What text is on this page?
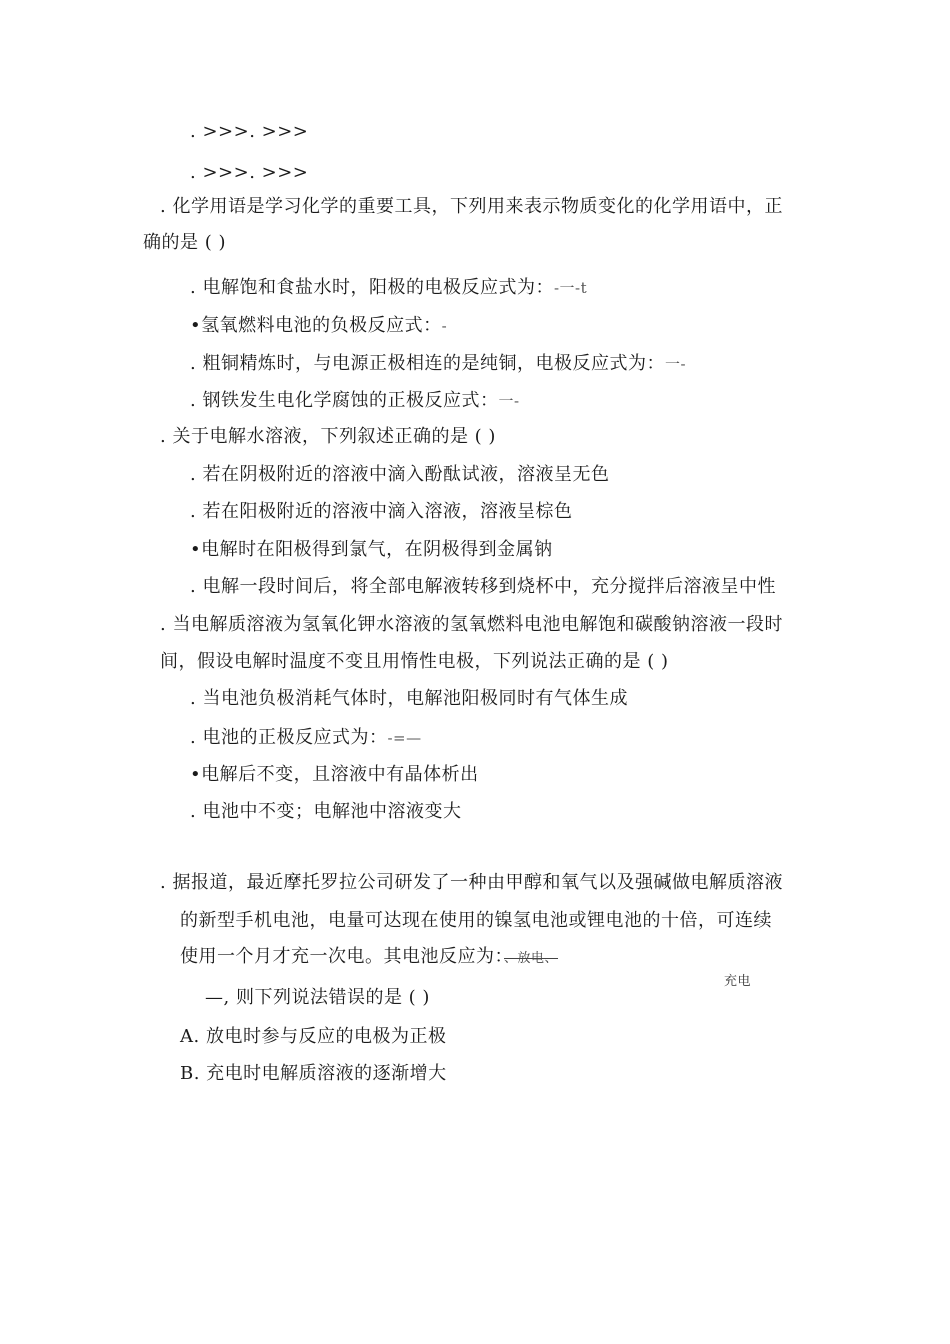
. >>>. >>>
. >>>. >>>
. 化学用语是学习化学的重要工具，下列用来表示物质变化的化学用语中，正
确的是 ( )
. 电解饱和食盐水时，阳极的电极反应式为：-一-t
•氢氧燃料电池的负极反应式：-
. 粗铜精炼时，与电源正极相连的是纯铜，电极反应式为：一-
. 钢铁发生电化学腐蚀的正极反应式：一-
. 关于电解水溶液，下列叙述正确的是 ( )
. 若在阴极附近的溶液中滴入酚酞试液，溶液呈无色
. 若在阳极附近的溶液中滴入溶液，溶液呈棕色
•电解时在阳极得到氯气，在阴极得到金属钠
. 电解一段时间后，将全部电解液转移到烧杯中，充分搅拌后溶液呈中性
. 当电解质溶液为氢氧化钾水溶液的氢氧燃料电池电解饱和碳酸钠溶液一段时
间，假设电解时温度不变且用惰性电极，下列说法正确的是 ( )
. 当电池负极消耗气体时，电解池阳极同时有气体生成
. 电池的正极反应式为：-=—
•电解后不变，且溶液中有晶体析出
. 电池中不变；电解池中溶液变大
. 据报道，最近摩托罗拉公司研发了一种由甲醇和氧气以及强碱做电解质溶液
的新型手机电池，电量可达现在使用的镍氢电池或锂电池的十倍，可连续
使用一个月才充一次电。其电池反应为：、放电、
充电
—, 则下列说法错误的是 ( )
A. 放电时参与反应的电极为正极
B. 充电时电解质溶液的逐渐增大
